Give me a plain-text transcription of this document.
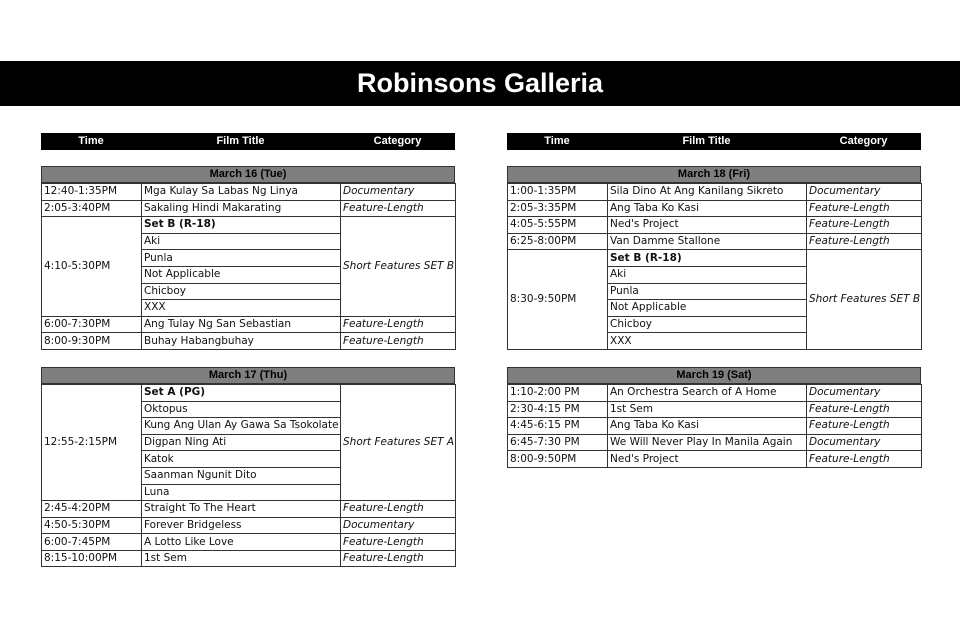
Robinsons Galleria
Time	Film Title	Category
March 16 (Tue)
12:40-1:35PM	Mga Kulay Sa Labas Ng Linya	Documentary
2:05-3:40PM	Sakaling Hindi Makarating	Feature-Length
4:10-5:30PM	Set B (R-18)	Short Features SET B
	Aki	
	Punla	
	Not Applicable	
	Chicboy	
	XXX	
6:00-7:30PM	Ang Tulay Ng San Sebastian	Feature-Length
8:00-9:30PM	Buhay Habangbuhay	Feature-Length
March 17 (Thu)
12:55-2:15PM	Set A (PG)	Short Features SET A
	Oktopus	
	Kung Ang Ulan Ay Gawa Sa Tsokolate	
	Digpan Ning Ati	
	Katok	
	Saanman Ngunit Dito	
	Luna	
2:45-4:20PM	Straight To The Heart	Feature-Length
4:50-5:30PM	Forever Bridgeless	Documentary
6:00-7:45PM	A Lotto Like Love	Feature-Length
8:15-10:00PM	1st Sem	Feature-Length
Time	Film Title	Category
March 18 (Fri)
1:00-1:35PM	Sila Dino At Ang Kanilang Sikreto	Documentary
2:05-3:35PM	Ang Taba Ko Kasi	Feature-Length
4:05-5:55PM	Ned's Project	Feature-Length
6:25-8:00PM	Van Damme Stallone	Feature-Length
8:30-9:50PM	Set B (R-18)	Short Features SET B
	Aki	
	Punla	
	Not Applicable	
	Chicboy	
	XXX	
March 19 (Sat)
1:10-2:00 PM	An Orchestra Search of A Home	Documentary
2:30-4:15 PM	1st Sem	Feature-Length
4:45-6:15 PM	Ang Taba Ko Kasi	Feature-Length
6:45-7:30 PM	We Will Never Play In Manila Again	Documentary
8:00-9:50PM	Ned's Project	Feature-Length
